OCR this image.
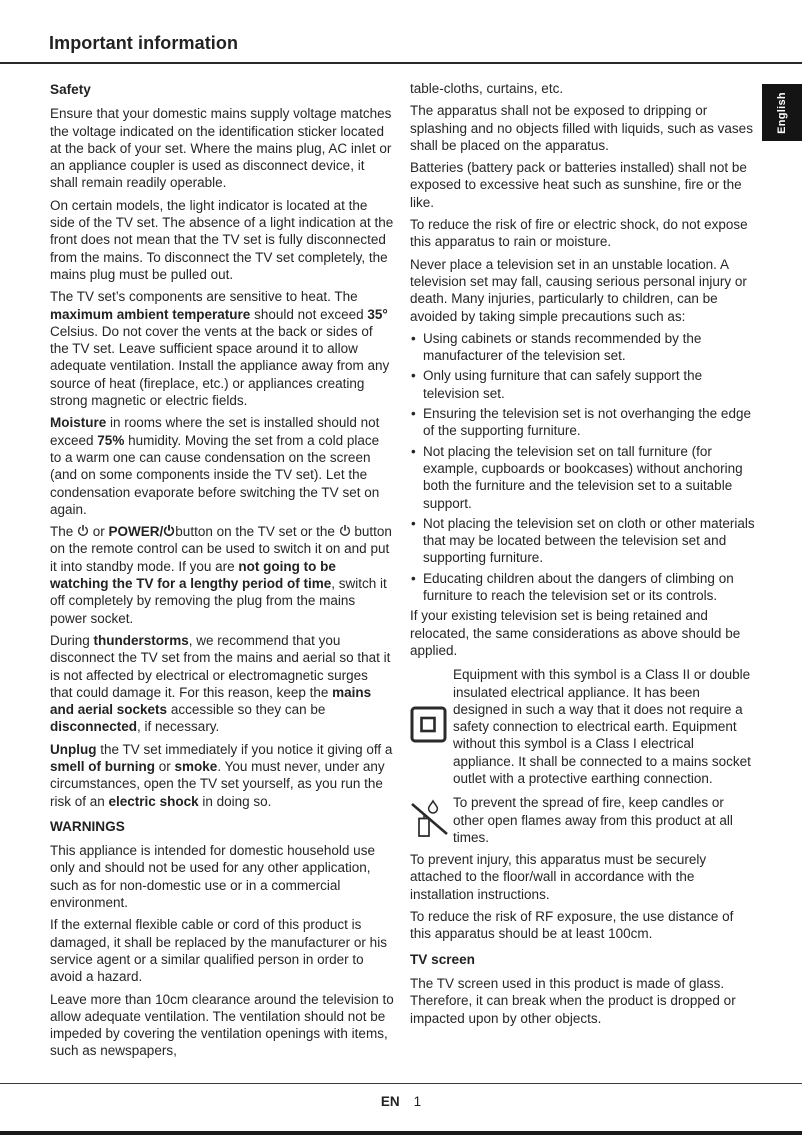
Important information
English
Safety

Ensure that your domestic mains supply voltage matches the voltage indicated on the identification sticker located at the back of your set. Where the mains plug, AC inlet or an appliance coupler is used as disconnect device, it shall remain readily operable.

On certain models, the light indicator is located at the side of the TV set. The absence of a light indication at the front does not mean that the TV set is fully disconnected from the mains. To disconnect the TV set completely, the mains plug must be pulled out.

The TV set’s components are sensitive to heat. The maximum ambient temperature should not exceed 35° Celsius. Do not cover the vents at the back or sides of the TV set. Leave sufficient space around it to allow adequate ventilation. Install the appliance away from any source of heat (fireplace, etc.) or appliances creating strong magnetic or electric fields.

Moisture in rooms where the set is installed should not exceed 75% humidity. Moving the set from a cold place to a warm one can cause condensation on the screen (and on some components inside the TV set). Let the condensation evaporate before switching the TV set on again.

The  or POWER/ button on the TV set or the  button on the remote control can be used to switch it on and put it into standby mode. If you are not going to be watching the TV for a lengthy period of time, switch it off completely by removing the plug from the mains power socket.

During thunderstorms, we recommend that you disconnect the TV set from the mains and aerial so that it is not affected by electrical or electromagnetic surges that could damage it. For this reason, keep the mains and aerial sockets accessible so they can be disconnected, if necessary.

Unplug the TV set immediately if you notice it giving off a smell of burning or smoke. You must never, under any circumstances, open the TV set yourself, as you run the risk of an electric shock in doing so.

WARNINGS

This appliance is intended for domestic household use only and should not be used for any other application, such as for non-domestic use or in a commercial environment.

If the external flexible cable or cord of this product is damaged, it shall be replaced by the manufacturer or his service agent or a similar qualified person in order to avoid a hazard.

Leave more than 10cm clearance around the television to allow adequate ventilation. The ventilation should not be impeded by covering the ventilation openings with items, such as newspapers,

table-cloths, curtains, etc.

The apparatus shall not be exposed to dripping or splashing and no objects filled with liquids, such as vases shall be placed on the apparatus.

Batteries (battery pack or batteries installed) shall not be exposed to excessive heat such as sunshine, fire or the like.

To reduce the risk of fire or electric shock, do not expose this apparatus to rain or moisture.

Never place a television set in an unstable location. A television set may fall, causing serious personal injury or death. Many injuries, particularly to children, can be avoided by taking simple precautions such as:

• Using cabinets or stands recommended by the manufacturer of the television set.
• Only using furniture that can safely support the television set.
• Ensuring the television set is not overhanging the edge of the supporting furniture.
• Not placing the television set on tall furniture (for example, cupboards or bookcases) without anchoring both the furniture and the television set to a suitable support.
• Not placing the television set on cloth or other materials that may be located between the television set and supporting furniture.
• Educating children about the dangers of climbing on furniture to reach the television set or its controls.

If your existing television set is being retained and relocated, the same considerations as above should be applied.

Equipment with this symbol is a Class II or double insulated electrical appliance. It has been designed in such a way that it does not require a safety connection to electrical earth. Equipment without this symbol is a Class I electrical appliance. It shall be connected to a mains socket outlet with a protective earthing connection.

To prevent the spread of fire, keep candles or other open flames away from this product at all times.

To prevent injury, this apparatus must be securely attached to the floor/wall in accordance with the installation instructions.

To reduce the risk of RF exposure, the use distance of this apparatus should be at least 100cm.

TV screen

The TV screen used in this product is made of glass. Therefore, it can break when the product is dropped or impacted upon by other objects.

EN 1
